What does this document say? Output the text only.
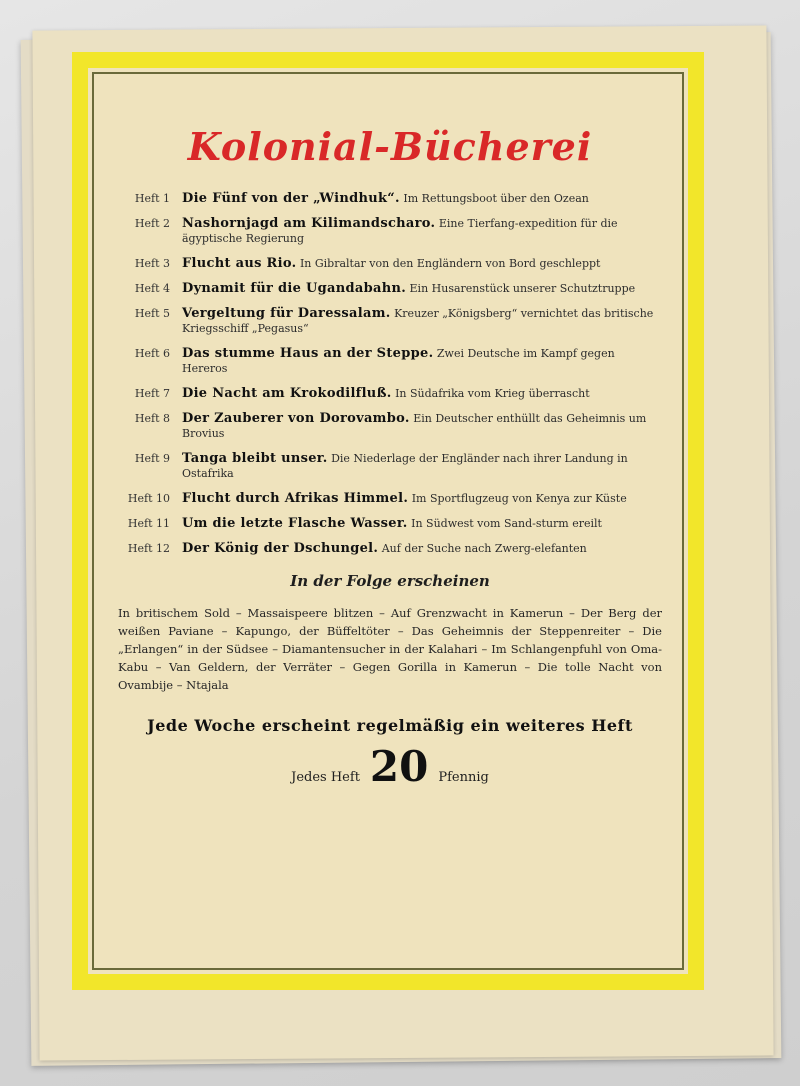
Kolonial-Bücherei
Heft 1 Die Fünf von der „Windhuk“. Im Rettungsboot über den Ozean
Heft 2 Nashornjagd am Kilimandscharo. Eine Tierfang-expedition für die ägyptische Regierung
Heft 3 Flucht aus Rio. In Gibraltar von den Engländern von Bord geschleppt
Heft 4 Dynamit für die Ugandabahn. Ein Husarenstück unserer Schutztruppe
Heft 5 Vergeltung für Daressalam. Kreuzer „Königsberg“ vernichtet das britische Kriegsschiff „Pegasus“
Heft 6 Das stumme Haus an der Steppe. Zwei Deutsche im Kampf gegen Hereros
Heft 7 Die Nacht am Krokodilfluß. In Südafrika vom Krieg überrascht
Heft 8 Der Zauberer von Dorovambo. Ein Deutscher enthüllt das Geheimnis um Brovius
Heft 9 Tanga bleibt unser. Die Niederlage der Engländer nach ihrer Landung in Ostafrika
Heft 10 Flucht durch Afrikas Himmel. Im Sportflugzeug von Kenya zur Küste
Heft 11 Um die letzte Flasche Wasser. In Südwest vom Sand-sturm ereilt
Heft 12 Der König der Dschungel. Auf der Suche nach Zwerg-elefanten
In der Folge erscheinen
In britischem Sold – Massaispeere blitzen – Auf Grenzwacht in Kamerun – Der Berg der weißen Paviane – Kapungo, der Büffeltöter – Das Geheimnis der Steppenreiter – Die „Erlangen“ in der Südsee – Diamantensucher in der Kalahari – Im Schlangenpfuhl von Oma-Kabu – Van Geldern, der Verräter – Gegen Gorilla in Kamerun – Die tolle Nacht von Ovambije – Ntajala
Jede Woche erscheint regelmäßig ein weiteres Heft
Jedes Heft 20 Pfennig
